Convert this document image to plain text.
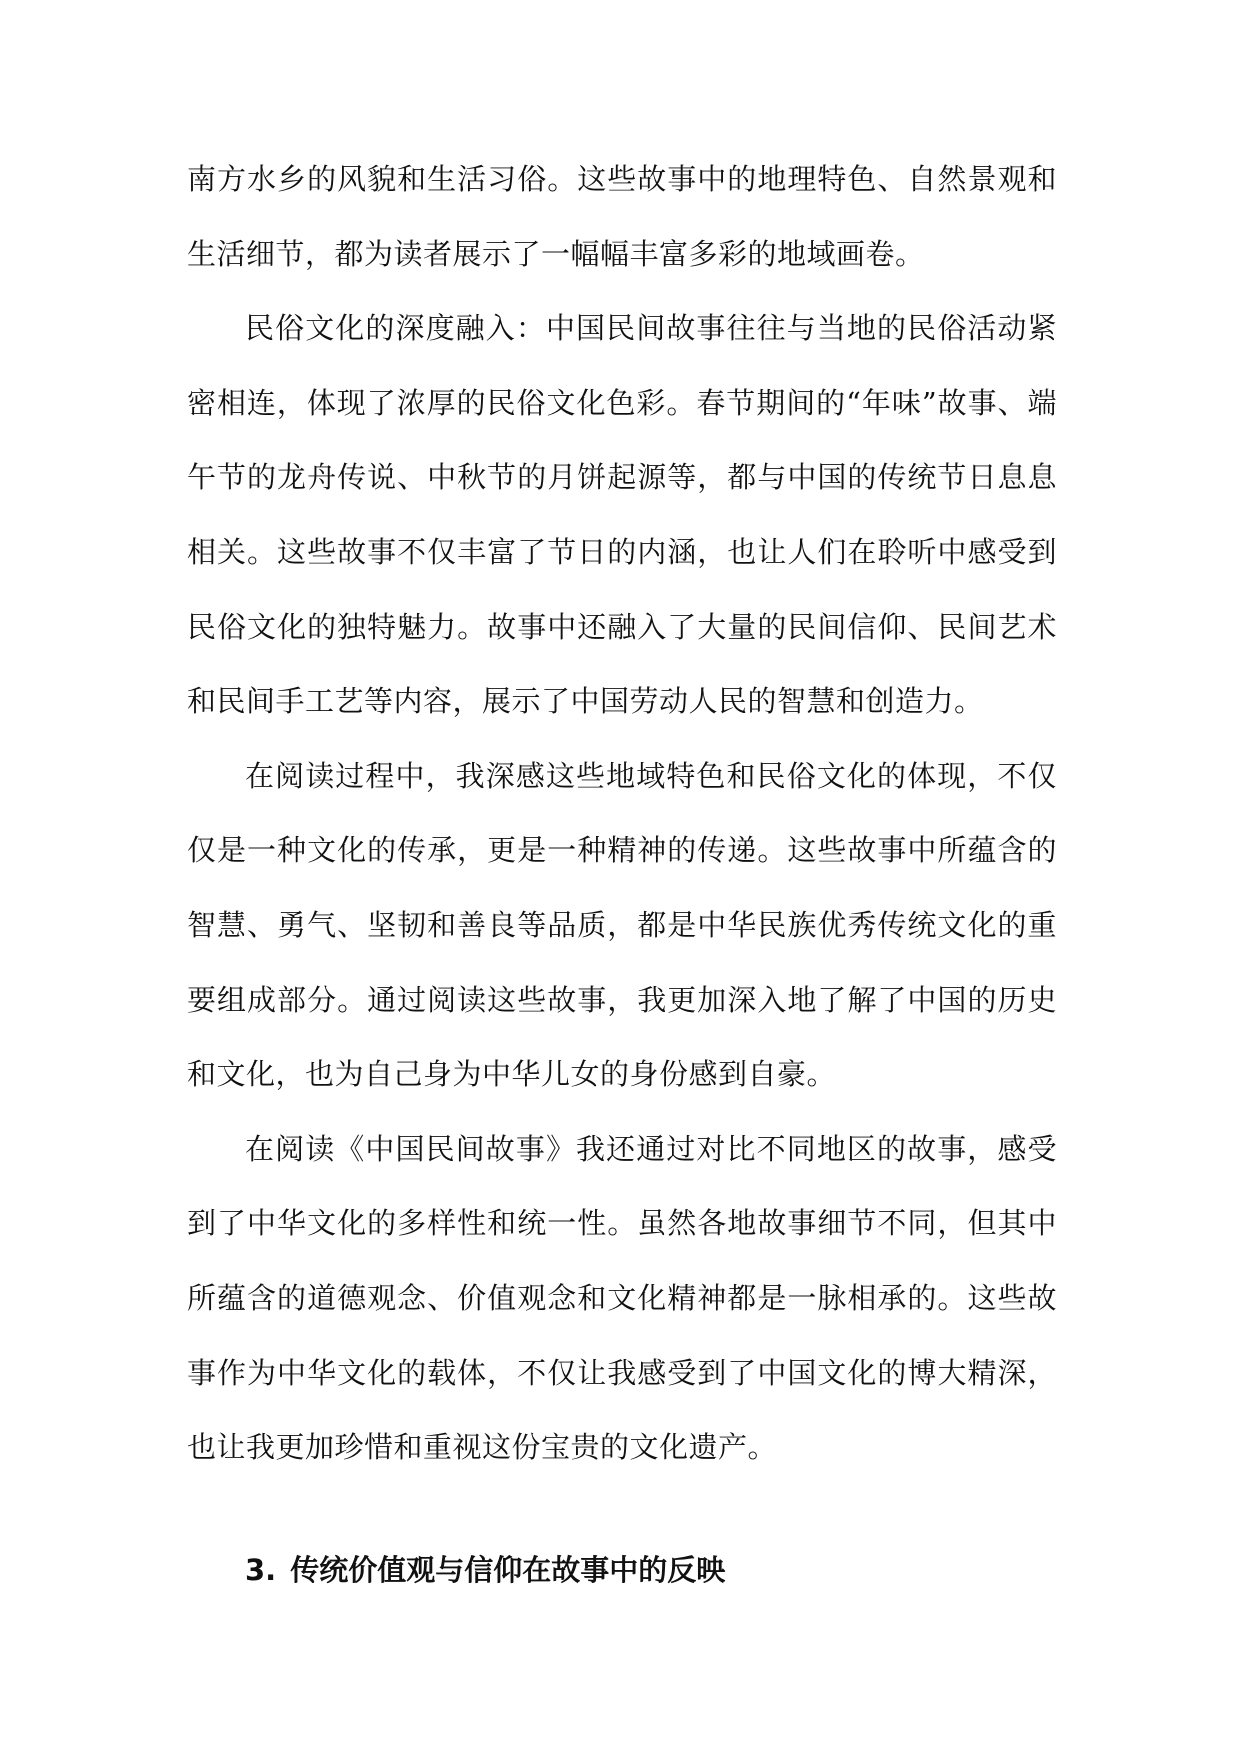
南方水乡的风貌和生活习俗。这些故事中的地理特色、自然景观和生活细节，都为读者展示了一幅幅丰富多彩的地域画卷。

民俗文化的深度融入：中国民间故事往往与当地的民俗活动紧密相连，体现了浓厚的民俗文化色彩。春节期间的“年味”故事、端午节的龙舟传说、中秋节的月饼起源等，都与中国的传统节日息息相关。这些故事不仅丰富了节日的内涵，也让人们在聆听中感受到民俗文化的独特魅力。故事中还融入了大量的民间信仰、民间艺术和民间手工艺等内容，展示了中国劳动人民的智慧和创造力。

在阅读过程中，我深感这些地域特色和民俗文化的体现，不仅仅是一种文化的传承，更是一种精神的传递。这些故事中所蕴含的智慧、勇气、坚韧和善良等品质，都是中华民族优秀传统文化的重要组成部分。通过阅读这些故事，我更加深入地了解了中国的历史和文化，也为自己身为中华儿女的身份感到自豪。

在阅读《中国民间故事》我还通过对比不同地区的故事，感受到了中华文化的多样性和统一性。虽然各地故事细节不同，但其中所蕴含的道德观念、价值观念和文化精神都是一脉相承的。这些故事作为中华文化的载体，不仅让我感受到了中国文化的博大精深，也让我更加珍惜和重视这份宝贵的文化遗产。

3. 传统价值观与信仰在故事中的反映
